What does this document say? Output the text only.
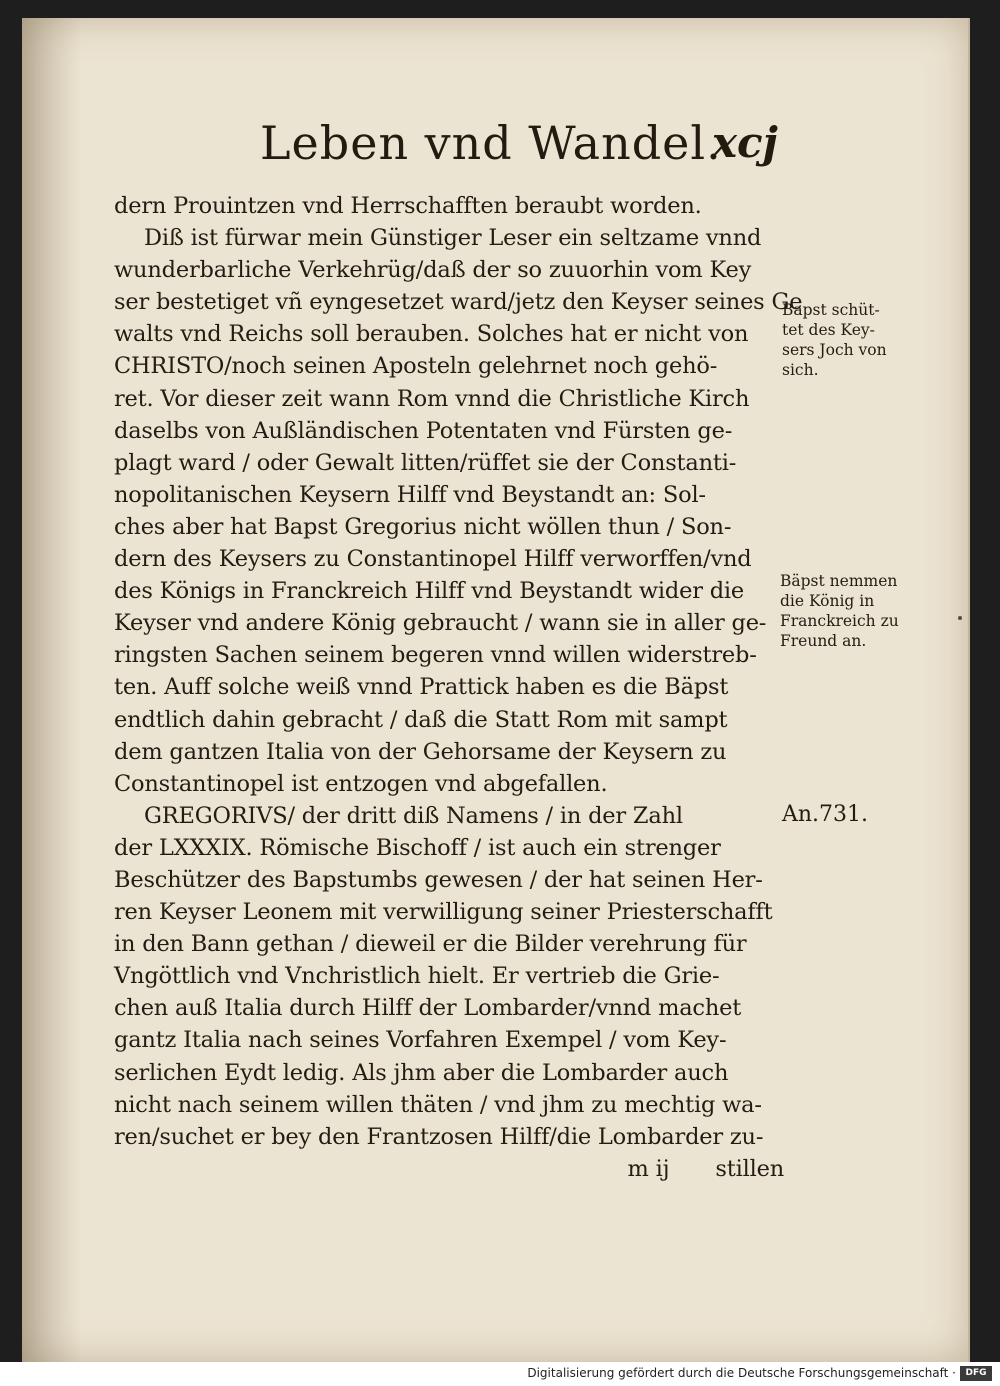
Leben vnd Wandel.
xcj
dern Prouintzen vnd Herrschafften beraubt worden.
Diß ist fürwar mein Günstiger Leser ein seltzame vnnd
wunderbarliche Verkehrüg/daß der so zuuorhin vom Key
ser bestetiget vñ eyngesetzet ward/jetz den Keyser seines Ge
walts vnd Reichs soll berauben. Solches hat er nicht von
CHRISTO/noch seinen Aposteln gelehrnet noch gehö-
ret. Vor dieser zeit wann Rom vnnd die Christliche Kirch
daselbs von Außländischen Potentaten vnd Fürsten ge-
plagt ward / oder Gewalt litten/rüffet sie der Constanti-
nopolitanischen Keysern Hilff vnd Beystandt an: Sol-
ches aber hat Bapst Gregorius nicht wöllen thun / Son-
dern des Keysers zu Constantinopel Hilff verworffen/vnd
des Königs in Franckreich Hilff vnd Beystandt wider die
Keyser vnd andere König gebraucht / wann sie in aller ge-
ringsten Sachen seinem begeren vnnd willen widerstreb-
ten. Auff solche weiß vnnd Prattick haben es die Bäpst
endtlich dahin gebracht / daß die Statt Rom mit sampt
dem gantzen Italia von der Gehorsame der Keysern zu
Constantinopel ist entzogen vnd abgefallen.
GREGORIVS/ der dritt diß Namens / in der Zahl
der LXXXIX. Römische Bischoff / ist auch ein strenger
Beschützer des Bapstumbs gewesen / der hat seinen Her-
ren Keyser Leonem mit verwilligung seiner Priesterschafft
in den Bann gethan / dieweil er die Bilder verehrung für
Vngöttlich vnd Vnchristlich hielt. Er vertrieb die Grie-
chen auß Italia durch Hilff der Lombarder/vnnd machet
gantz Italia nach seines Vorfahren Exempel / vom Key-
serlichen Eydt ledig. Als jhm aber die Lombarder auch
nicht nach seinem willen thäten / vnd jhm zu mechtig wa-
ren/suchet er bey den Frantzosen Hilff/die Lombarder zu-
m ij stillen
Bapst schüt-
tet des Key-
sers Joch von
sich.
Bäpst nemmen
die König in
Franckreich zu
Freund an.
An.731.
Digitalisierung gefördert durch die Deutsche Forschungsgemeinschaft ·	DFG
